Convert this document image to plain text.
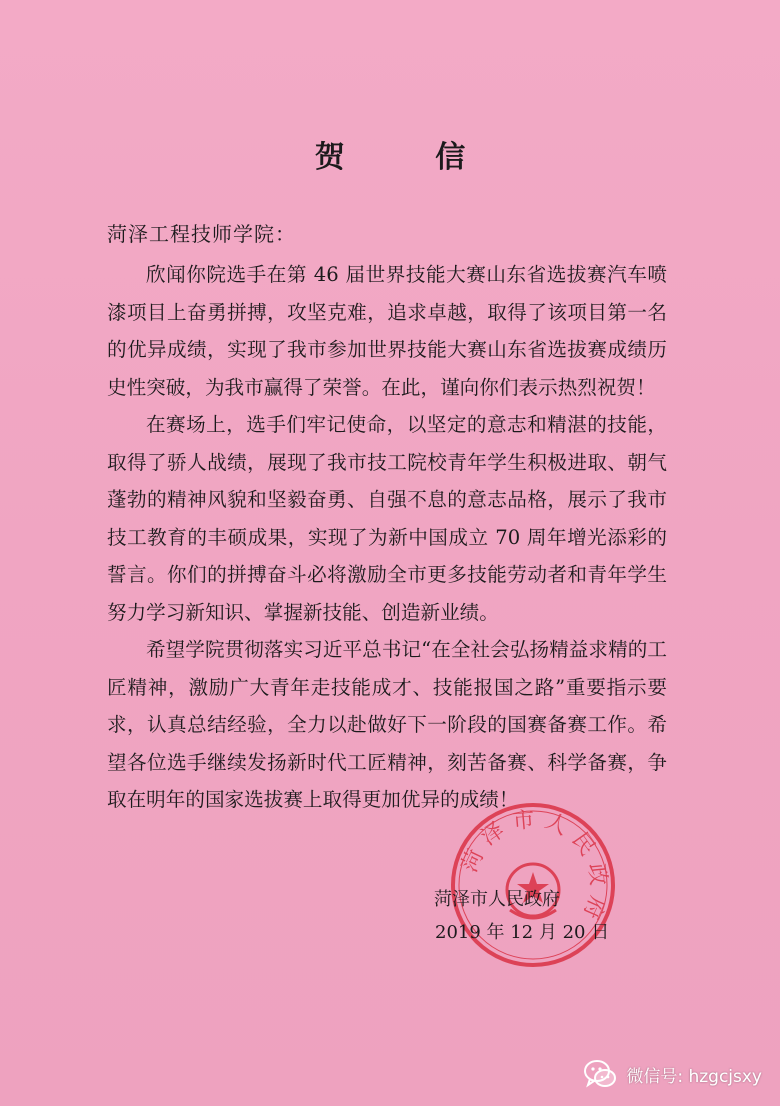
贺 信
菏泽工程技师学院：

欣闻你院选手在第 46 届世界技能大赛山东省选拔赛汽车喷漆项目上奋勇拼搏，攻坚克难，追求卓越，取得了该项目第一名的优异成绩，实现了我市参加世界技能大赛山东省选拔赛成绩历史性突破，为我市赢得了荣誉。在此，谨向你们表示热烈祝贺！

在赛场上，选手们牢记使命，以坚定的意志和精湛的技能，取得了骄人战绩，展现了我市技工院校青年学生积极进取、朝气蓬勃的精神风貌和坚毅奋勇、自强不息的意志品格，展示了我市技工教育的丰硕成果，实现了为新中国成立 70 周年增光添彩的誓言。你们的拼搏奋斗必将激励全市更多技能劳动者和青年学生努力学习新知识、掌握新技能、创造新业绩。

希望学院贯彻落实习近平总书记“在全社会弘扬精益求精的工匠精神，激励广大青年走技能成才、技能报国之路”重要指示要求，认真总结经验，全力以赴做好下一阶段的国赛备赛工作。希望各位选手继续发扬新时代工匠精神，刻苦备赛、科学备赛，争取在明年的国家选拔赛上取得更加优异的成绩！

菏泽市人民政府
菏泽市人民政府
2019 年 12 月 20 日
微信号: hzgcjsxy
